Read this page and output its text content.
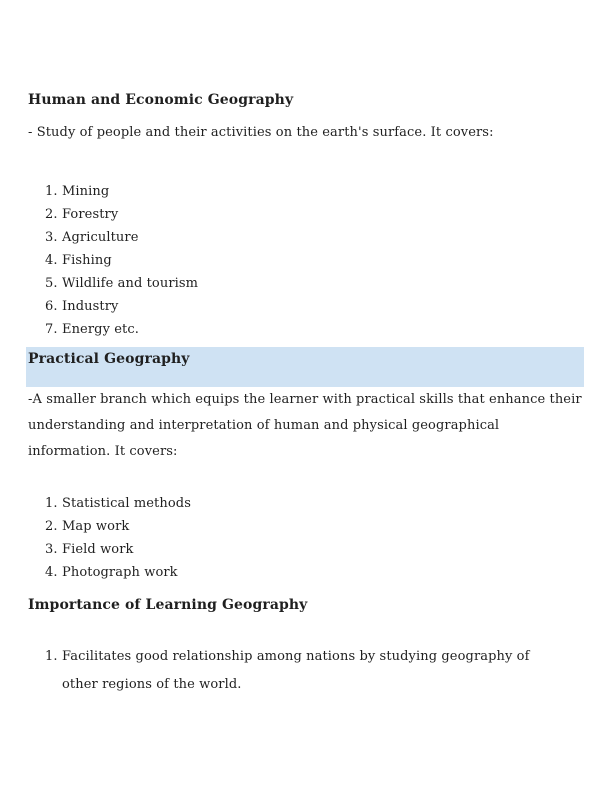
Human and Economic Geography

- Study of people and their activities on the earth's surface. It covers:

1. Mining
2. Forestry
3. Agriculture
4. Fishing
5. Wildlife and tourism
6. Industry
7. Energy etc.
Practical Geography

-A smaller branch which equips the learner with practical skills that enhance their understanding and interpretation of human and physical geographical information. It covers:

1. Statistical methods
2. Map work
3. Field work
4. Photograph work
Importance of Learning Geography
1. Facilitates good relationship among nations by studying geography of other regions of the world.
